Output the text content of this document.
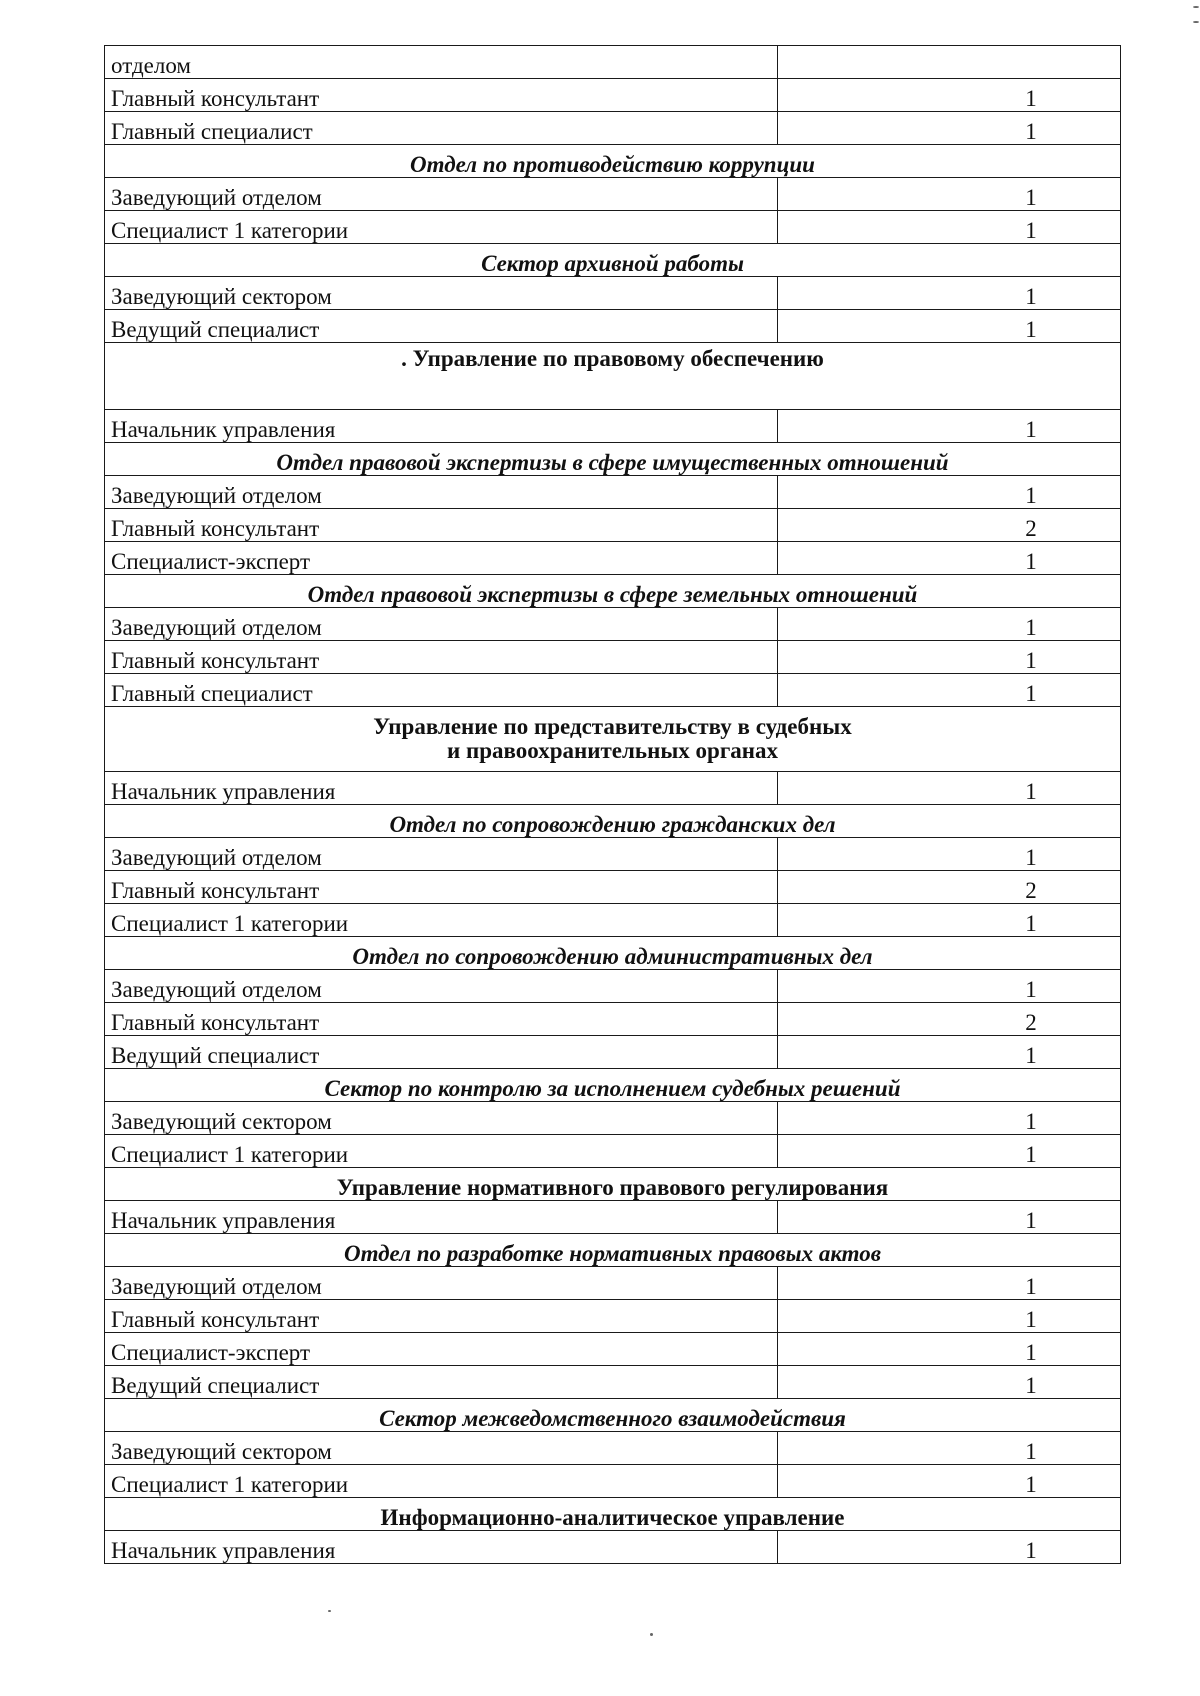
отделом	
Главный консультант	1
Главный специалист	1
Отдел по противодействию коррупции	
Заведующий отделом	1
Специалист 1 категории	1
Сектор архивной работы	
Заведующий сектором	1
Ведущий специалист	1
. Управление по правовому обеспечению	
Начальник управления	1
Отдел правовой экспертизы в сфере имущественных отношений	
Заведующий отделом	1
Главный консультант	2
Специалист-эксперт	1
Отдел правовой экспертизы в сфере земельных отношений	
Заведующий отделом	1
Главный консультант	1
Главный специалист	1
Управление по представительству в судебных
и правоохранительных органах	
Начальник управления	1
Отдел по сопровождению гражданских дел	
Заведующий отделом	1
Главный консультант	2
Специалист 1 категории	1
Отдел по сопровождению административных дел	
Заведующий отделом	1
Главный консультант	2
Ведущий специалист	1
Сектор по контролю за исполнением судебных решений	
Заведующий сектором	1
Специалист 1 категории	1
Управление нормативного правового регулирования	
Начальник управления	1
Отдел по разработке нормативных правовых актов	
Заведующий отделом	1
Главный консультант	1
Специалист-эксперт	1
Ведущий специалист	1
Сектор межведомственного взаимодействия	
Заведующий сектором	1
Специалист 1 категории	1
Информационно-аналитическое управление	
Начальник управления	1
